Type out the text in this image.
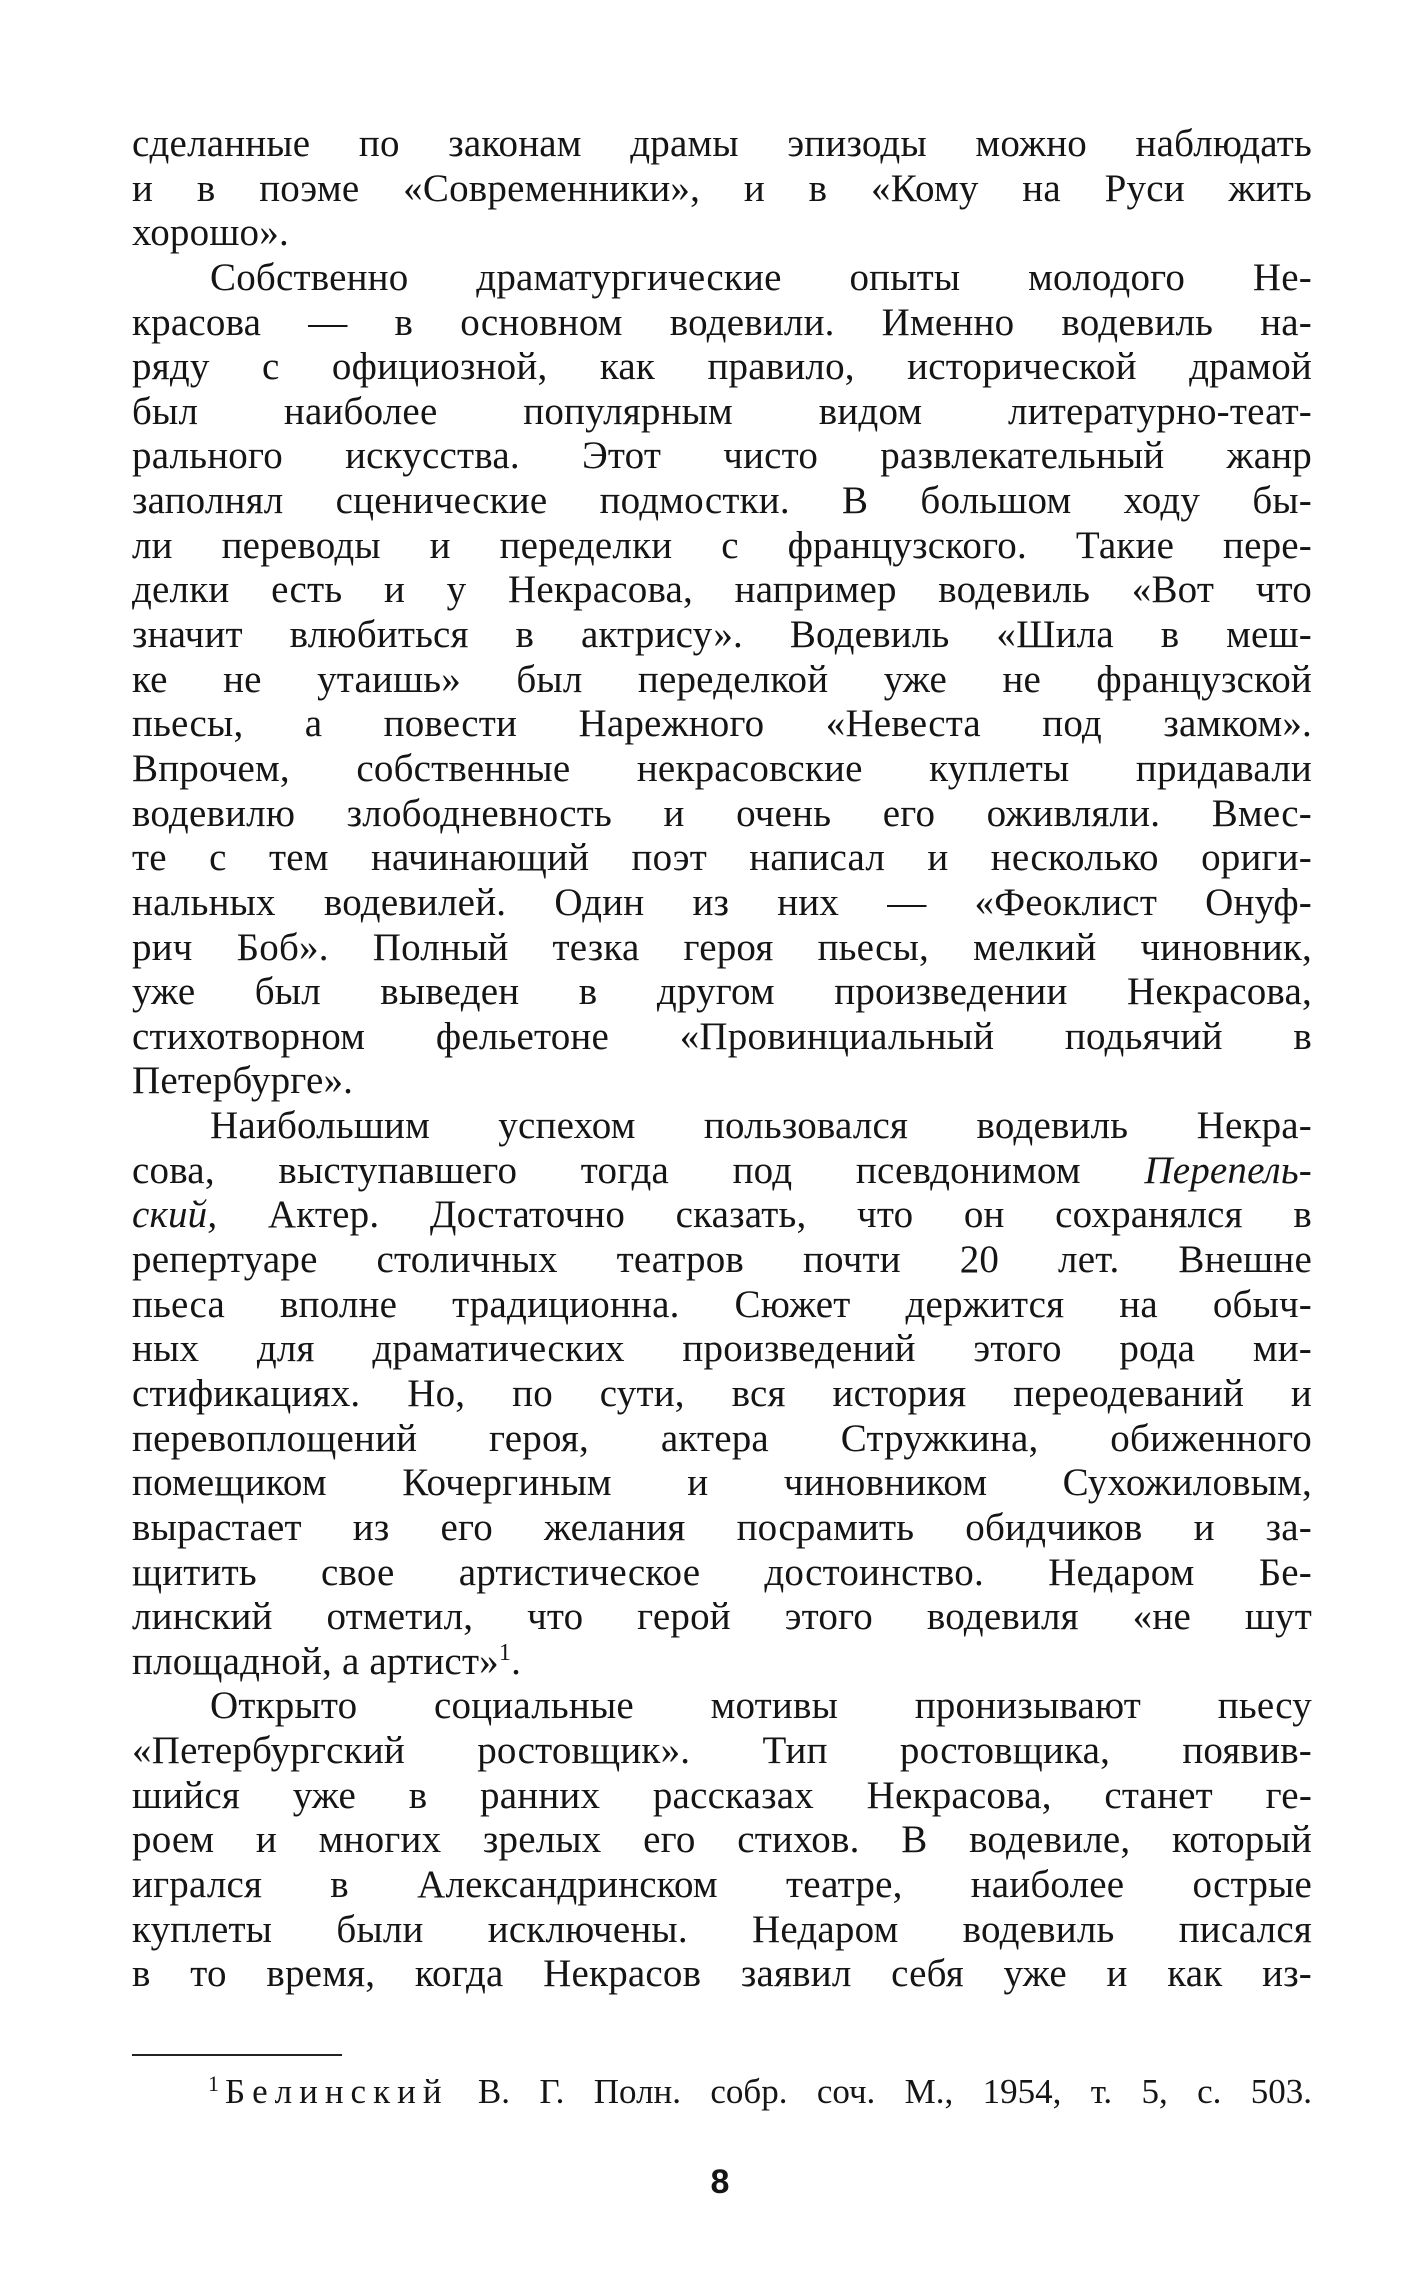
сделанные по законам драмы эпизоды можно наблюдать
и в поэме «Современники», и в «Кому на Руси жить
хорошо».
Собственно драматургические опыты молодого Не-
красова — в основном водевили. Именно водевиль на-
ряду с официозной, как правило, исторической драмой
был наиболее популярным видом литературно-теат-
рального искусства. Этот чисто развлекательный жанр
заполнял сценические подмостки. В большом ходу бы-
ли переводы и переделки с французского. Такие пере-
делки есть и у Некрасова, например водевиль «Вот что
значит влюбиться в актрису». Водевиль «Шила в меш-
ке не утаишь» был переделкой уже не французской
пьесы, а повести Нарежного «Невеста под замком».
Впрочем, собственные некрасовские куплеты придавали
водевилю злободневность и очень его оживляли. Вмес-
те с тем начинающий поэт написал и несколько ориги-
нальных водевилей. Один из них — «Феоклист Онуф-
рич Боб». Полный тезка героя пьесы, мелкий чиновник,
уже был выведен в другом произведении Некрасова,
стихотворном фельетоне «Провинциальный подьячий в
Петербурге».
Наибольшим успехом пользовался водевиль Некра-
сова, выступавшего тогда под псевдонимом Перепель-
ский, Актер. Достаточно сказать, что он сохранялся в
репертуаре столичных театров почти 20 лет. Внешне
пьеса вполне традиционна. Сюжет держится на обыч-
ных для драматических произведений этого рода ми-
стификациях. Но, по сути, вся история переодеваний и
перевоплощений героя, актера Стружкина, обиженного
помещиком Кочергиным и чиновником Сухожиловым,
вырастает из его желания посрамить обидчиков и за-
щитить свое артистическое достоинство. Недаром Бе-
линский отметил, что герой этого водевиля «не шут
площадной, а артист»$^1$.
Открыто социальные мотивы пронизывают пьесу
«Петербургский ростовщик». Тип ростовщика, появив-
шийся уже в ранних рассказах Некрасова, станет ге-
роем и многих зрелых его стихов. В водевиле, который
игрался в Александринском театре, наиболее острые
куплеты были исключены. Недаром водевиль писался
в то время, когда Некрасов заявил себя уже и как из-
$^1$ Белинский В. Г. Полн. собр. соч. М., 1954, т. 5, с. 503.
8
